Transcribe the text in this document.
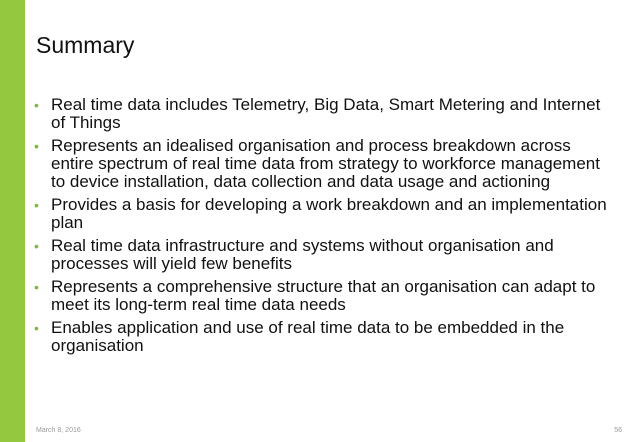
Summary
• Real time data includes Telemetry, Big Data, Smart Metering and Internet of Things
• Represents an idealised organisation and process breakdown across entire spectrum of real time data from strategy to workforce management to device installation, data collection and data usage and actioning
• Provides a basis for developing a work breakdown and an implementation plan
• Real time data infrastructure and systems without organisation and processes will yield few benefits
• Represents a comprehensive structure that an organisation can adapt to meet its long-term real time data needs
• Enables application and use of real time data to be embedded in the organisation
March 8, 2016	56
